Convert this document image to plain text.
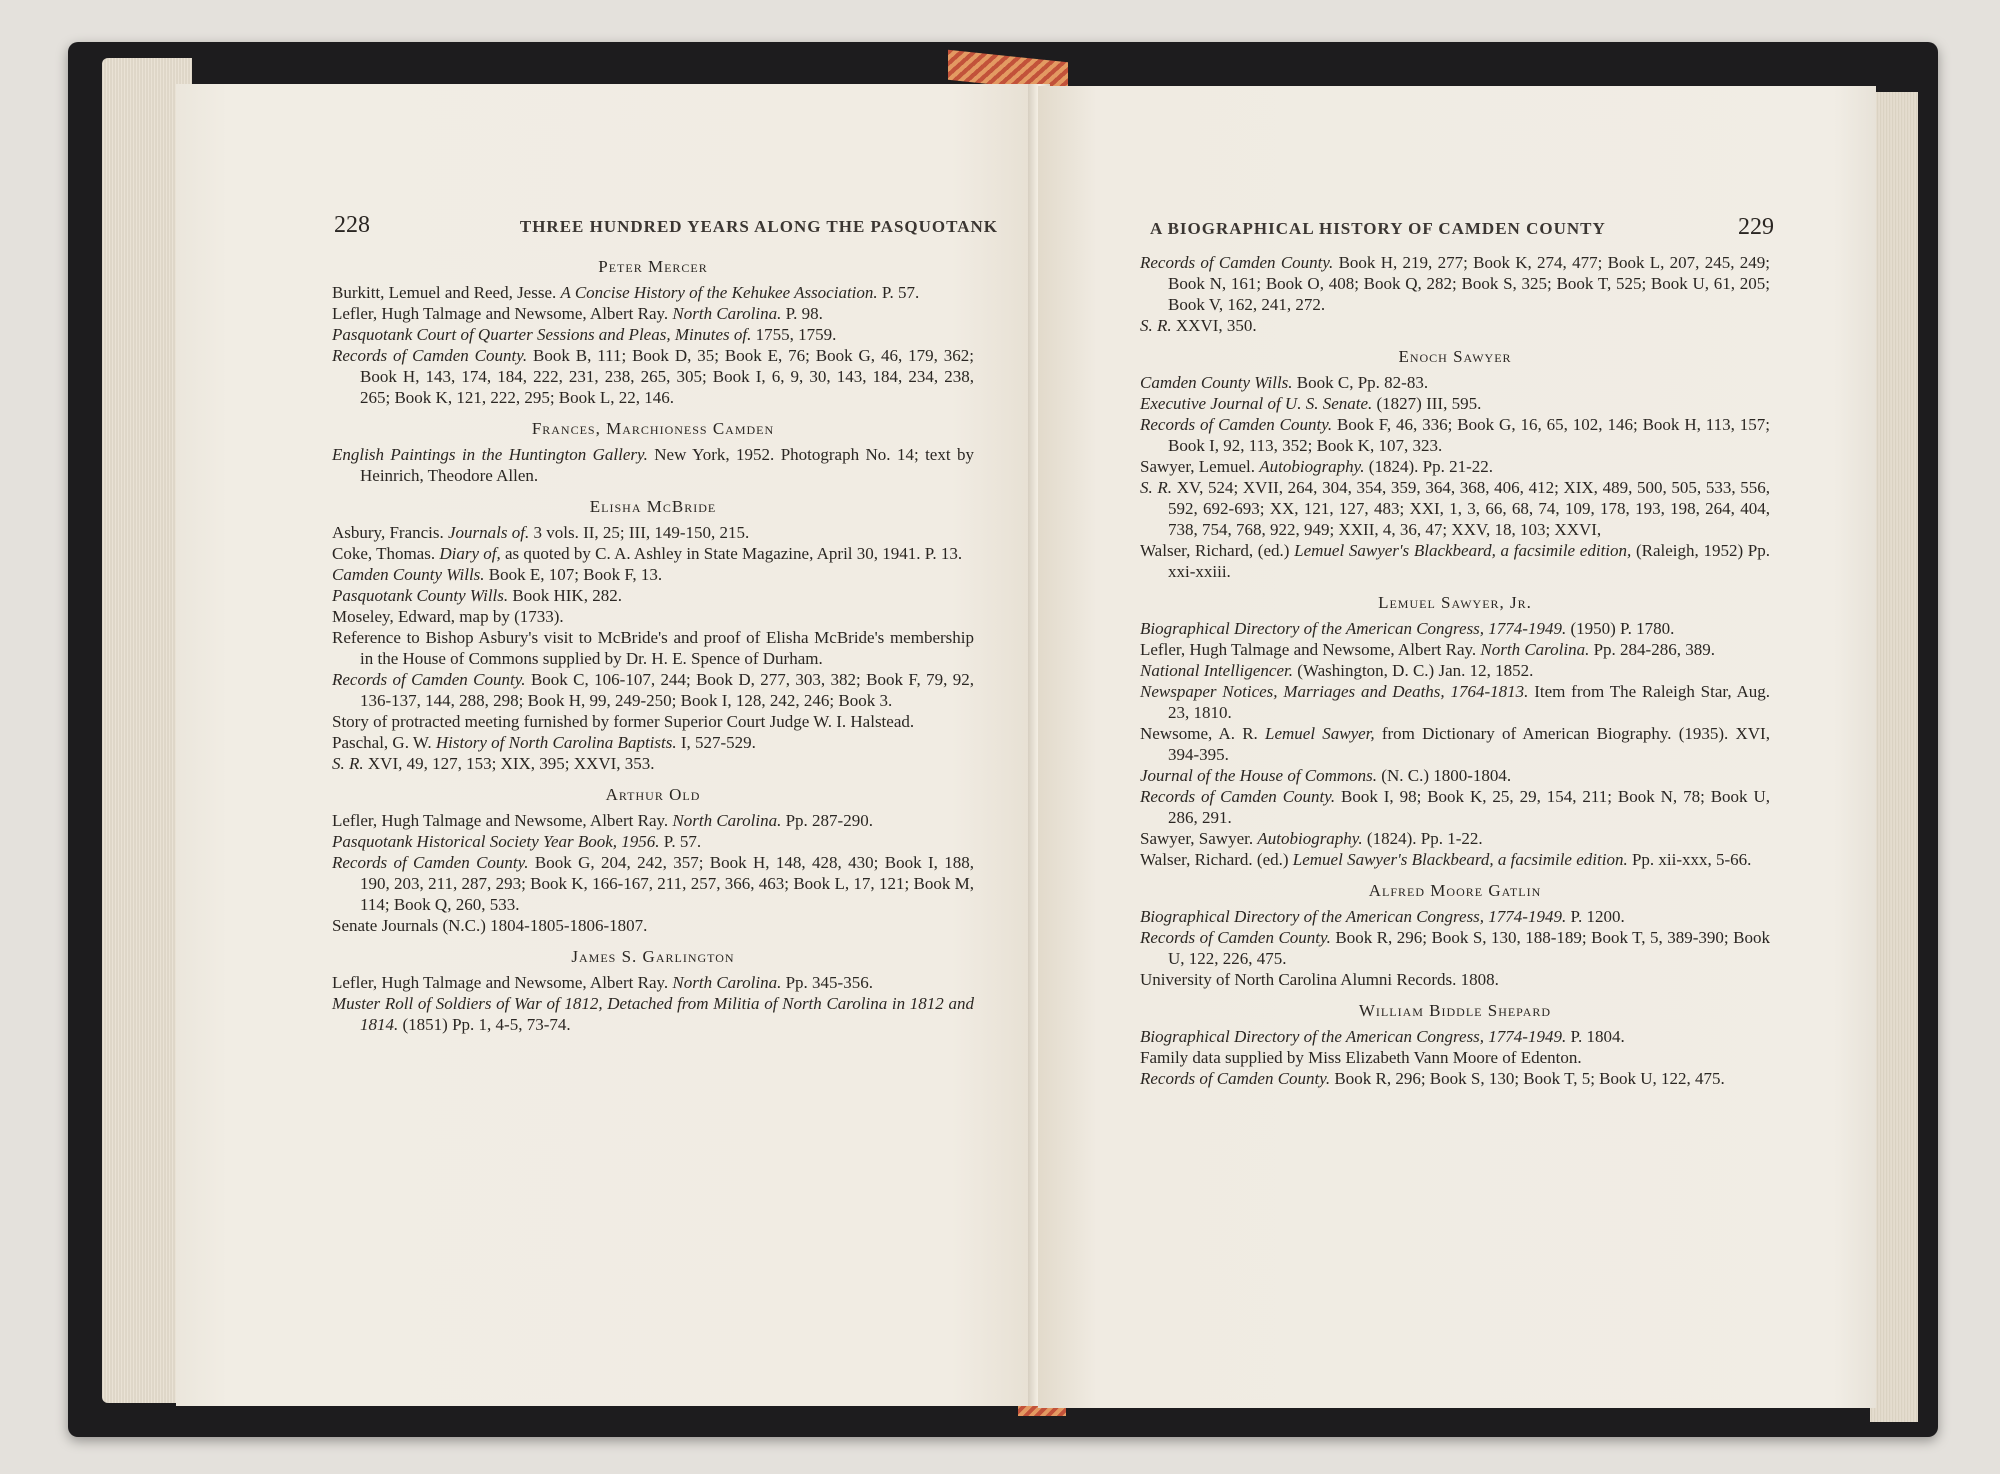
228	THREE HUNDRED YEARS ALONG THE PASQUOTANK
Peter Mercer
Burkitt, Lemuel and Reed, Jesse. A Concise History of the Kehukee Association. P. 57.
Lefler, Hugh Talmage and Newsome, Albert Ray. North Carolina. P. 98.
Pasquotank Court of Quarter Sessions and Pleas, Minutes of. 1755, 1759.
Records of Camden County. Book B, 111; Book D, 35; Book E, 76; Book G, 46, 179, 362; Book H, 143, 174, 184, 222, 231, 238, 265, 305; Book I, 6, 9, 30, 143, 184, 234, 238, 265; Book K, 121, 222, 295; Book L, 22, 146.
Frances, Marchioness Camden
English Paintings in the Huntington Gallery. New York, 1952. Photograph No. 14; text by Heinrich, Theodore Allen.
Elisha McBride
Asbury, Francis. Journals of. 3 vols. II, 25; III, 149-150, 215.
Coke, Thomas. Diary of, as quoted by C. A. Ashley in State Magazine, April 30, 1941. P. 13.
Camden County Wills. Book E, 107; Book F, 13.
Pasquotank County Wills. Book HIK, 282.
Moseley, Edward, map by (1733).
Reference to Bishop Asbury's visit to McBride's and proof of Elisha McBride's membership in the House of Commons supplied by Dr. H. E. Spence of Durham.
Records of Camden County. Book C, 106-107, 244; Book D, 277, 303, 382; Book F, 79, 92, 136-137, 144, 288, 298; Book H, 99, 249-250; Book I, 128, 242, 246; Book 3.
Story of protracted meeting furnished by former Superior Court Judge W. I. Halstead.
Paschal, G. W. History of North Carolina Baptists. I, 527-529.
S. R. XVI, 49, 127, 153; XIX, 395; XXVI, 353.
Arthur Old
Lefler, Hugh Talmage and Newsome, Albert Ray. North Carolina. Pp. 287-290.
Pasquotank Historical Society Year Book, 1956. P. 57.
Records of Camden County. Book G, 204, 242, 357; Book H, 148, 428, 430; Book I, 188, 190, 203, 211, 287, 293; Book K, 166-167, 211, 257, 366, 463; Book L, 17, 121; Book M, 114; Book Q, 260, 533.
Senate Journals (N.C.) 1804-1805-1806-1807.
James S. Garlington
Lefler, Hugh Talmage and Newsome, Albert Ray. North Carolina. Pp. 345-356.
Muster Roll of Soldiers of War of 1812, Detached from Militia of North Carolina in 1812 and 1814. (1851) Pp. 1, 4-5, 73-74.
A BIOGRAPHICAL HISTORY OF CAMDEN COUNTY	229
Records of Camden County. Book H, 219, 277; Book K, 274, 477; Book L, 207, 245, 249; Book N, 161; Book O, 408; Book Q, 282; Book S, 325; Book T, 525; Book U, 61, 205; Book V, 162, 241, 272.
S. R. XXVI, 350.
Enoch Sawyer
Camden County Wills. Book C, Pp. 82-83.
Executive Journal of U. S. Senate. (1827) III, 595.
Records of Camden County. Book F, 46, 336; Book G, 16, 65, 102, 146; Book H, 113, 157; Book I, 92, 113, 352; Book K, 107, 323.
Sawyer, Lemuel. Autobiography. (1824). Pp. 21-22.
S. R. XV, 524; XVII, 264, 304, 354, 359, 364, 368, 406, 412; XIX, 489, 500, 505, 533, 556, 592, 692-693; XX, 121, 127, 483; XXI, 1, 3, 66, 68, 74, 109, 178, 193, 198, 264, 404, 738, 754, 768, 922, 949; XXII, 4, 36, 47; XXV, 18, 103; XXVI,
Walser, Richard, (ed.) Lemuel Sawyer's Blackbeard, a facsimile edition, (Raleigh, 1952) Pp. xxi-xxiii.
Lemuel Sawyer, Jr.
Biographical Directory of the American Congress, 1774-1949. (1950) P. 1780.
Lefler, Hugh Talmage and Newsome, Albert Ray. North Carolina. Pp. 284-286, 389.
National Intelligencer. (Washington, D. C.) Jan. 12, 1852.
Newspaper Notices, Marriages and Deaths, 1764-1813. Item from The Raleigh Star, Aug. 23, 1810.
Newsome, A. R. Lemuel Sawyer, from Dictionary of American Biography. (1935). XVI, 394-395.
Journal of the House of Commons. (N. C.) 1800-1804.
Records of Camden County. Book I, 98; Book K, 25, 29, 154, 211; Book N, 78; Book U, 286, 291.
Sawyer, Sawyer. Autobiography. (1824). Pp. 1-22.
Walser, Richard. (ed.) Lemuel Sawyer's Blackbeard, a facsimile edition. Pp. xii-xxx, 5-66.
Alfred Moore Gatlin
Biographical Directory of the American Congress, 1774-1949. P. 1200.
Records of Camden County. Book R, 296; Book S, 130, 188-189; Book T, 5, 389-390; Book U, 122, 226, 475.
University of North Carolina Alumni Records. 1808.
William Biddle Shepard
Biographical Directory of the American Congress, 1774-1949. P. 1804.
Family data supplied by Miss Elizabeth Vann Moore of Edenton.
Records of Camden County. Book R, 296; Book S, 130; Book T, 5; Book U, 122, 475.
